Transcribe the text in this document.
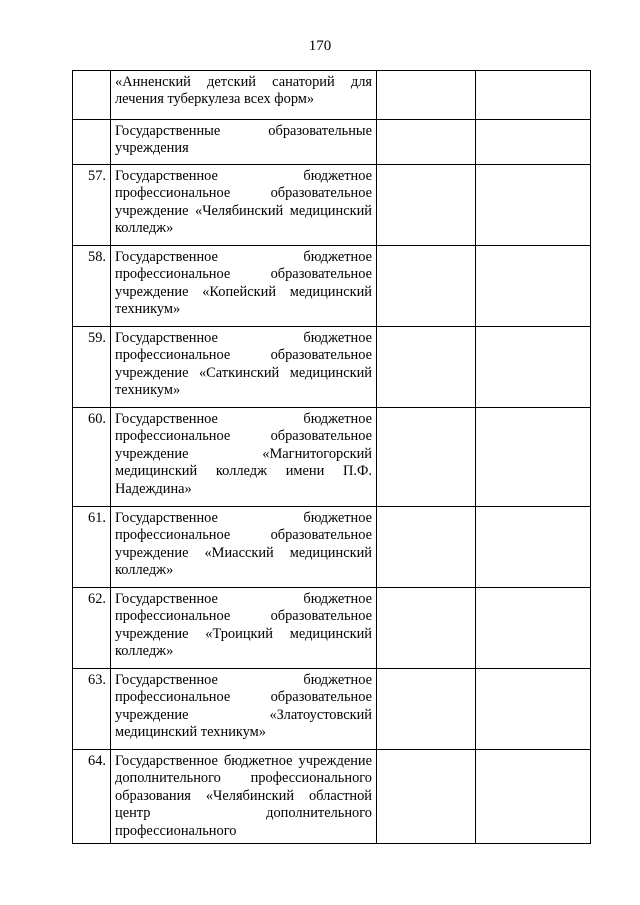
170
	«Анненский детский санаторий для лечения туберкулеза всех форм»		
	Государственные образовательные учреждения		
57.	Государственное бюджетное профессиональное образовательное учреждение «Челябинский медицинский колледж»		
58.	Государственное бюджетное профессиональное образовательное учреждение «Копейский медицинский техникум»		
59.	Государственное бюджетное профессиональное образовательное учреждение «Саткинский медицинский техникум»		
60.	Государственное бюджетное профессиональное образовательное учреждение «Магнитогорский медицинский колледж имени П.Ф. Надеждина»		
61.	Государственное бюджетное профессиональное образовательное учреждение «Миасский медицинский колледж»		
62.	Государственное бюджетное профессиональное образовательное учреждение «Троицкий медицинский колледж»		
63.	Государственное бюджетное профессиональное образовательное учреждение «Златоустовский медицинский техникум»		
64.	Государственное бюджетное учреждение дополнительного профессионального образования «Челябинский областной центр дополнительного профессионального		
